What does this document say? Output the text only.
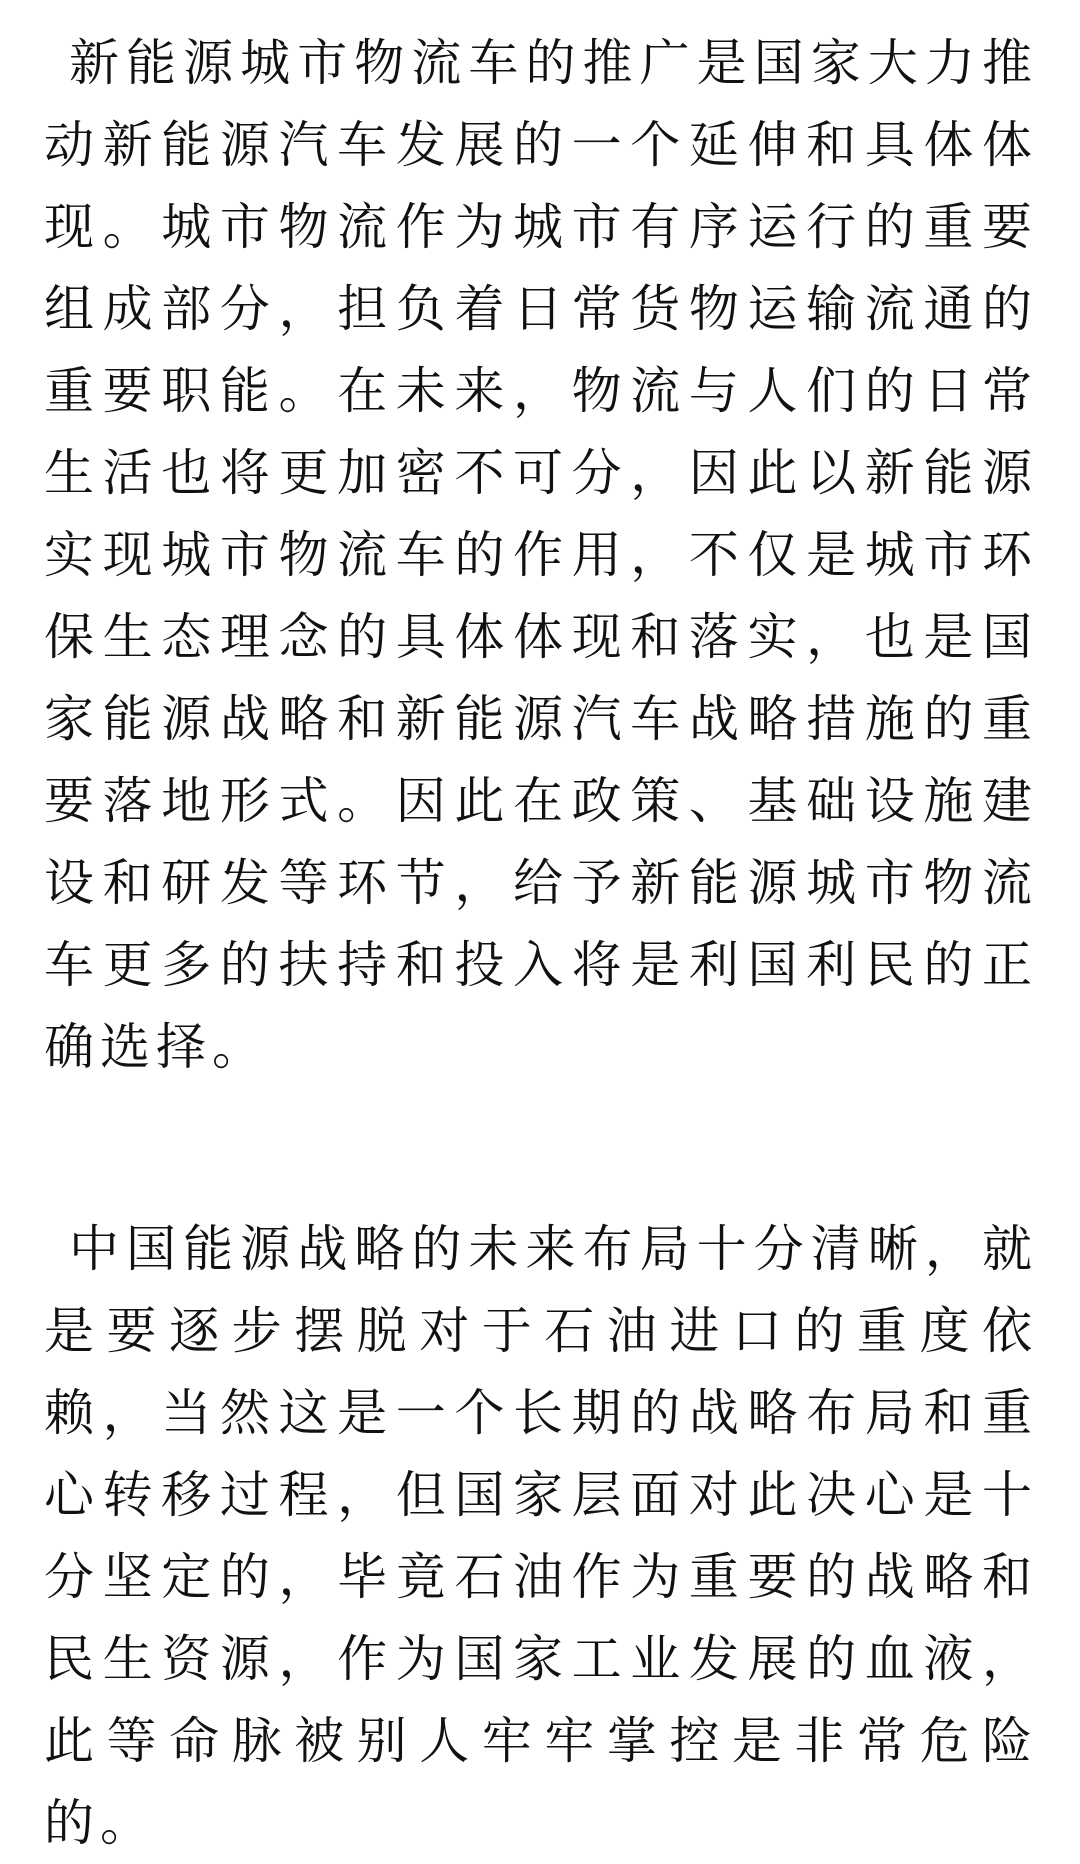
新能源城市物流车的推广是国家大力推动新能源汽车发展的一个延伸和具体体现。城市物流作为城市有序运行的重要组成部分，担负着日常货物运输流通的重要职能。在未来，物流与人们的日常生活也将更加密不可分，因此以新能源实现城市物流车的作用，不仅是城市环保生态理念的具体体现和落实，也是国家能源战略和新能源汽车战略措施的重要落地形式。因此在政策、基础设施建设和研发等环节，给予新能源城市物流车更多的扶持和投入将是利国利民的正确选择。

中国能源战略的未来布局十分清晰，就是要逐步摆脱对于石油进口的重度依赖，当然这是一个长期的战略布局和重心转移过程，但国家层面对此决心是十分坚定的，毕竟石油作为重要的战略和民生资源，作为国家工业发展的血液，此等命脉被别人牢牢掌控是非常危险的。
